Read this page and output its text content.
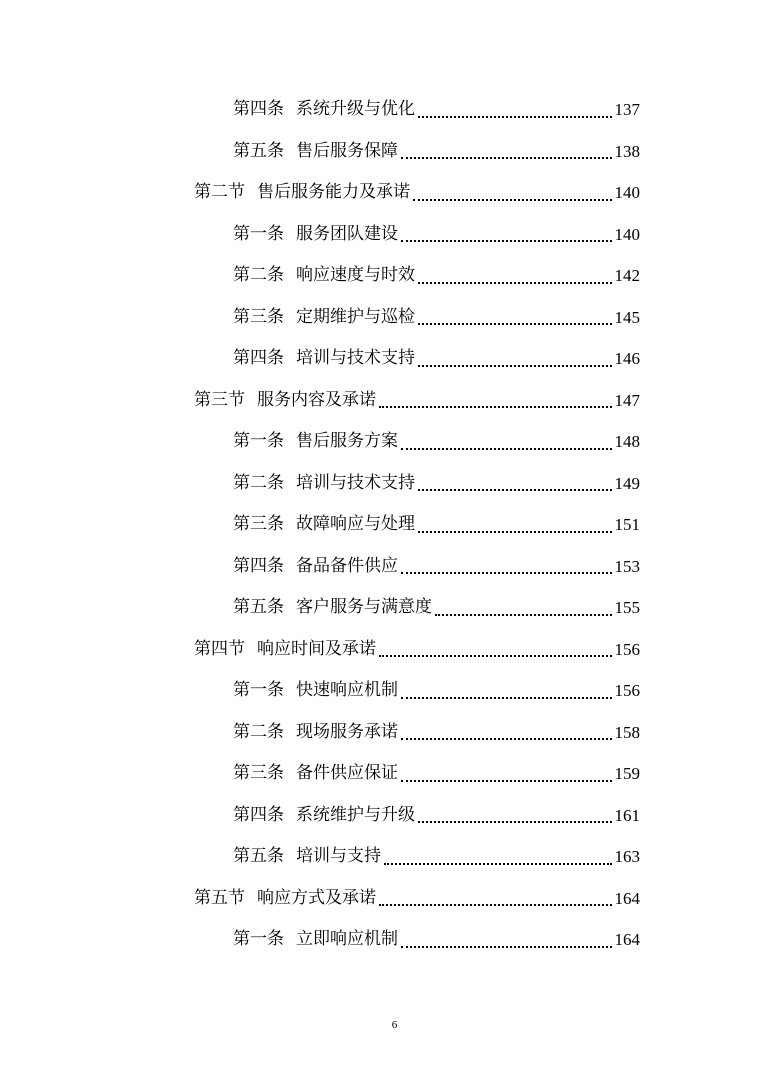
第四条 系统升级与优化	137
第五条 售后服务保障	138
第二节 售后服务能力及承诺	140
第一条 服务团队建设	140
第二条 响应速度与时效	142
第三条 定期维护与巡检	145
第四条 培训与技术支持	146
第三节 服务内容及承诺	147
第一条 售后服务方案	148
第二条 培训与技术支持	149
第三条 故障响应与处理	151
第四条 备品备件供应	153
第五条 客户服务与满意度	155
第四节 响应时间及承诺	156
第一条 快速响应机制	156
第二条 现场服务承诺	158
第三条 备件供应保证	159
第四条 系统维护与升级	161
第五条 培训与支持	163
第五节 响应方式及承诺	164
第一条 立即响应机制	164
6
